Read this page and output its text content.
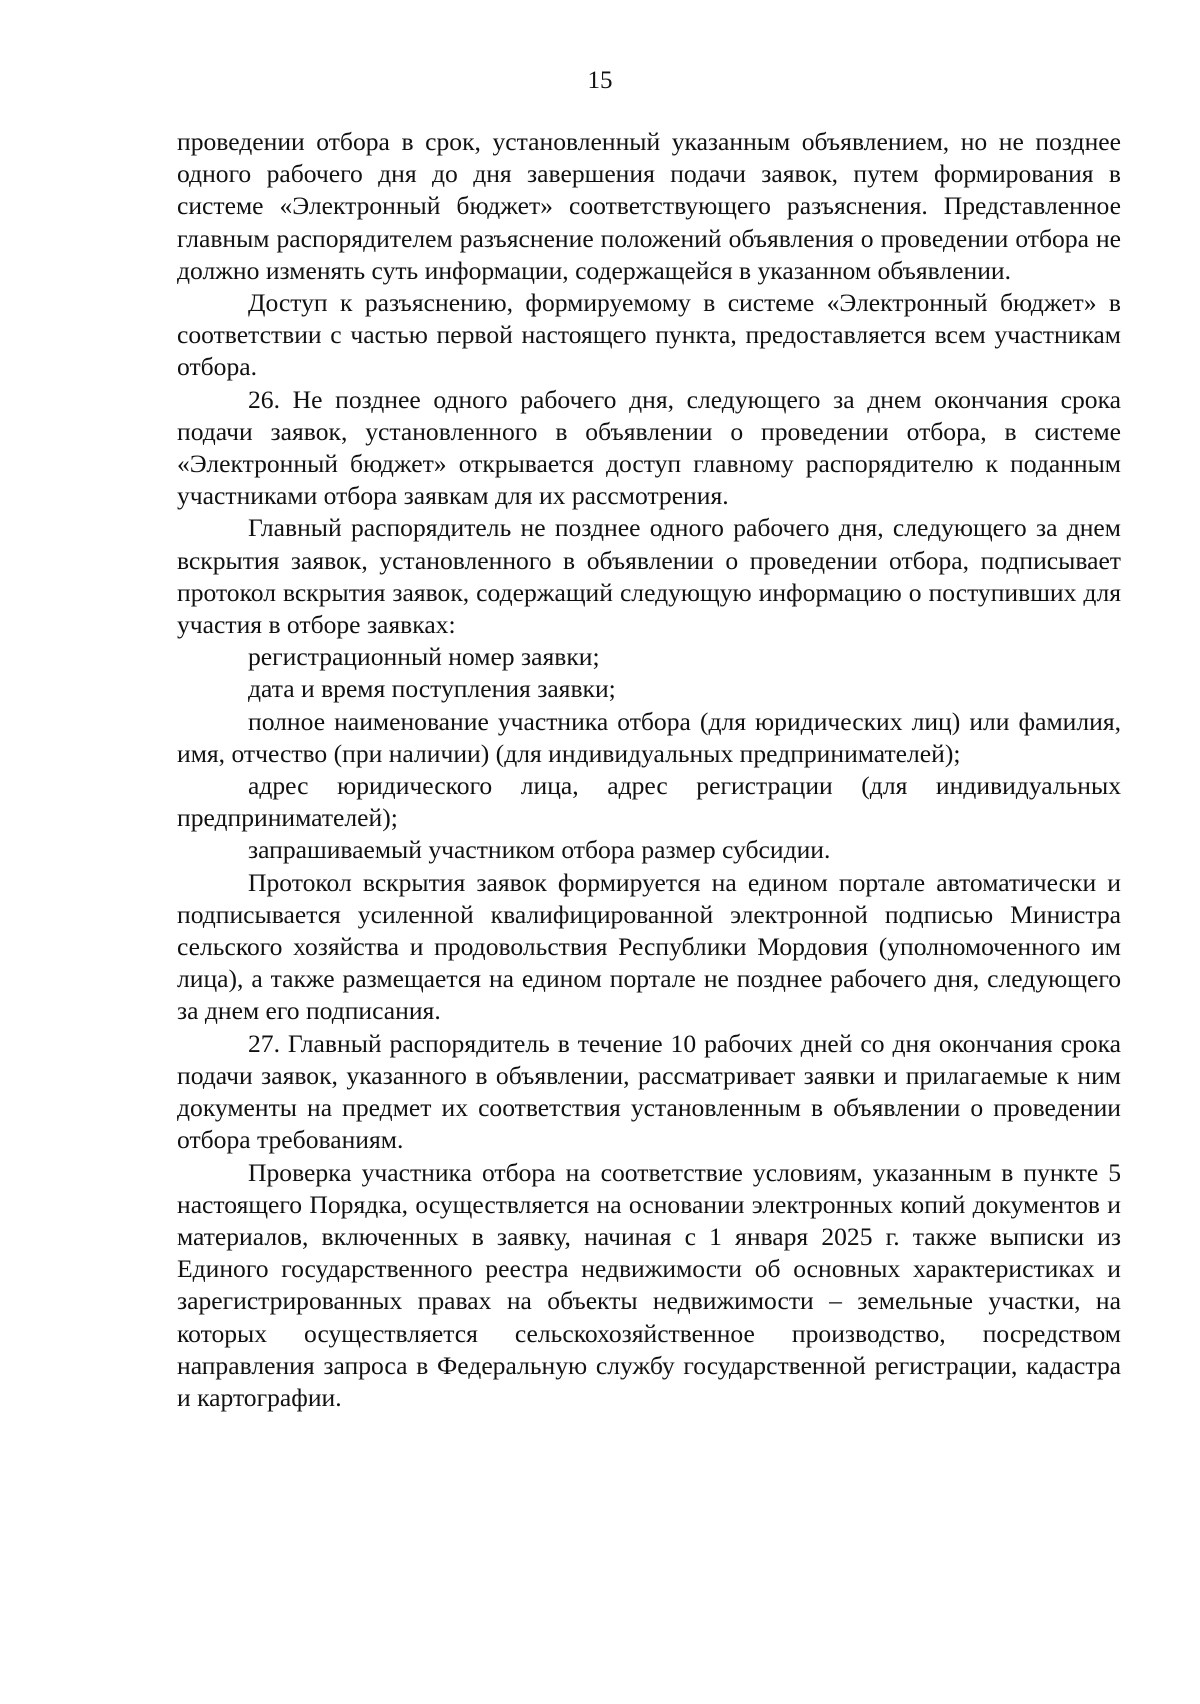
15

проведении отбора в срок, установленный указанным объявлением, но не позднее одного рабочего дня до дня завершения подачи заявок, путем формирования в системе «Электронный бюджет» соответствующего разъяснения. Представленное главным распорядителем разъяснение положений объявления о проведении отбора не должно изменять суть информации, содержащейся в указанном объявлении.

Доступ к разъяснению, формируемому в системе «Электронный бюджет» в соответствии с частью первой настоящего пункта, предоставляется всем участникам отбора.

26. Не позднее одного рабочего дня, следующего за днем окончания срока подачи заявок, установленного в объявлении о проведении отбора, в системе «Электронный бюджет» открывается доступ главному распорядителю к поданным участниками отбора заявкам для их рассмотрения.

Главный распорядитель не позднее одного рабочего дня, следующего за днем вскрытия заявок, установленного в объявлении о проведении отбора, подписывает протокол вскрытия заявок, содержащий следующую информацию о поступивших для участия в отборе заявках:

регистрационный номер заявки;

дата и время поступления заявки;

полное наименование участника отбора (для юридических лиц) или фамилия, имя, отчество (при наличии) (для индивидуальных предпринимателей);

адрес юридического лица, адрес регистрации (для индивидуальных предпринимателей);

запрашиваемый участником отбора размер субсидии.

Протокол вскрытия заявок формируется на едином портале автоматически и подписывается усиленной квалифицированной электронной подписью Министра сельского хозяйства и продовольствия Республики Мордовия (уполномоченного им лица), а также размещается на едином портале не позднее рабочего дня, следующего за днем его подписания.

27. Главный распорядитель в течение 10 рабочих дней со дня окончания срока подачи заявок, указанного в объявлении, рассматривает заявки и прилагаемые к ним документы на предмет их соответствия установленным в объявлении о проведении отбора требованиям.

Проверка участника отбора на соответствие условиям, указанным в пункте 5 настоящего Порядка, осуществляется на основании электронных копий документов и материалов, включенных в заявку, начиная с 1 января 2025 г. также выписки из Единого государственного реестра недвижимости об основных характеристиках и зарегистрированных правах на объекты недвижимости – земельные участки, на которых осуществляется сельскохозяйственное производство, посредством направления запроса в Федеральную службу государственной регистрации, кадастра и картографии.
